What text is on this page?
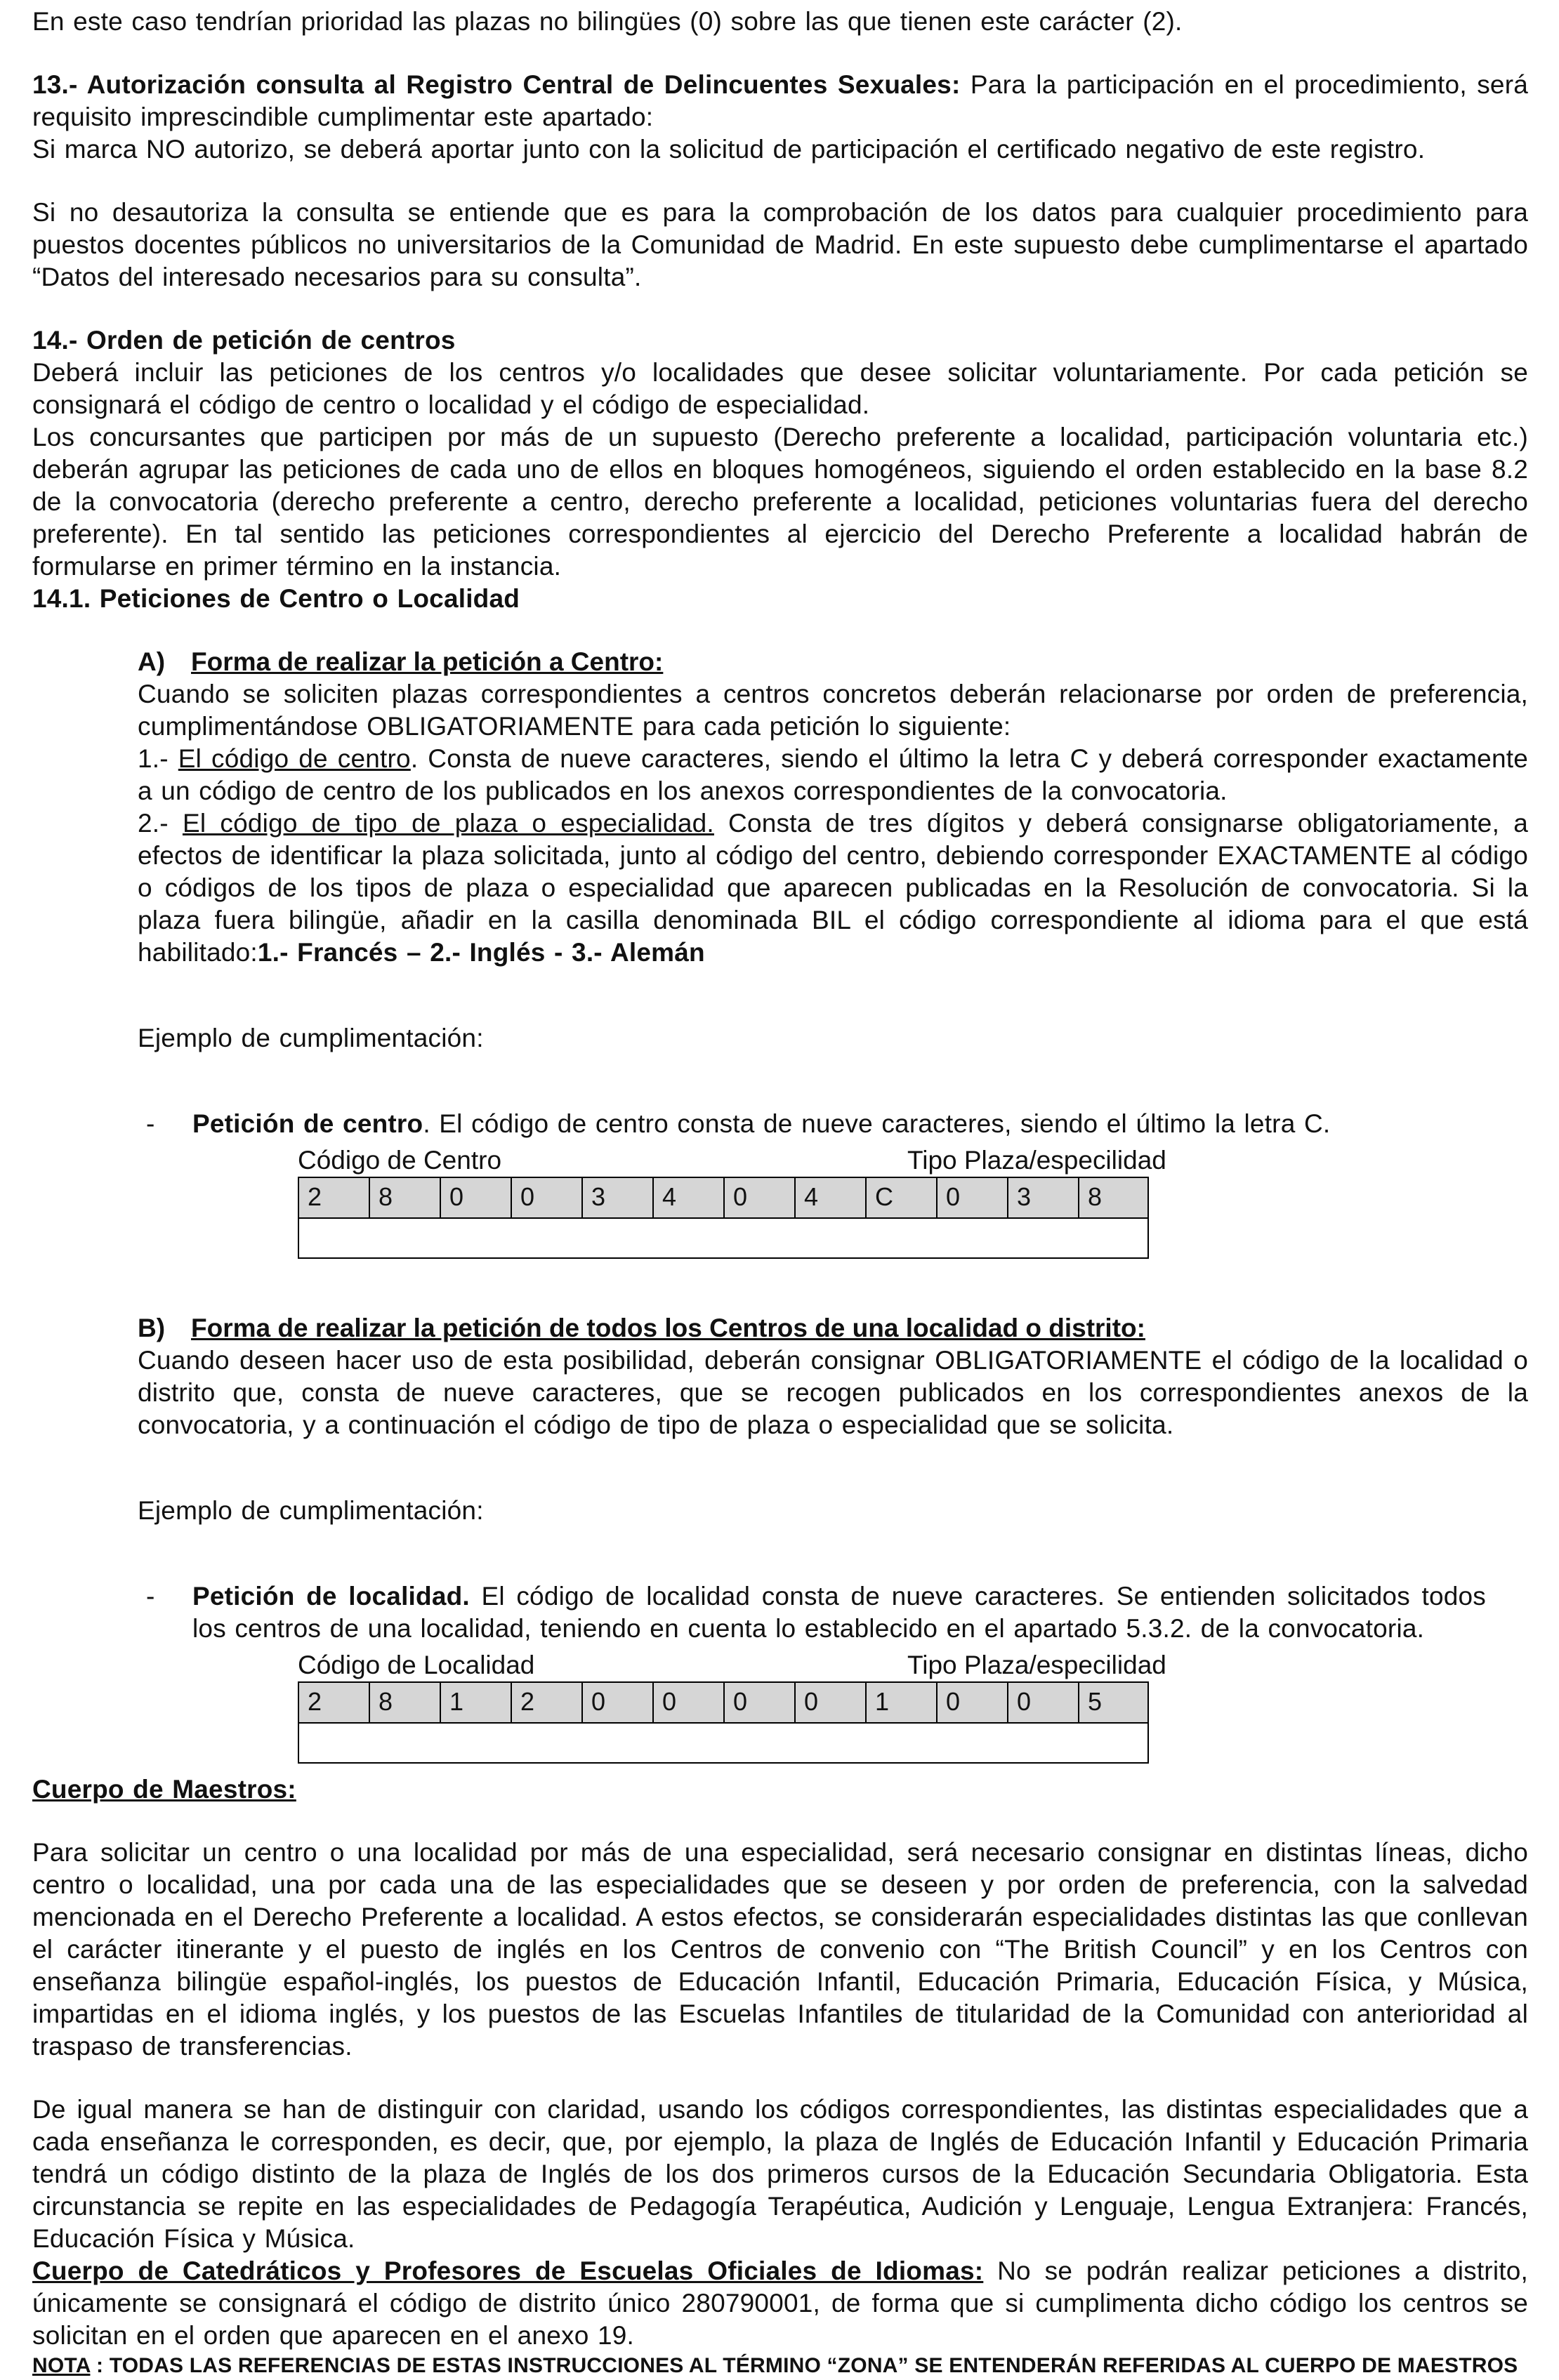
En este caso tendrían prioridad las plazas no bilingües (0) sobre las que tienen este carácter (2).

13.- Autorización consulta al Registro Central de Delincuentes Sexuales: Para la participación en el procedimiento, será requisito imprescindible cumplimentar este apartado:

Si marca NO autorizo, se deberá aportar junto con la solicitud de participación el certificado negativo de este registro.

Si no desautoriza la consulta se entiende que es para la comprobación de los datos para cualquier procedimiento para puestos docentes públicos no universitarios de la Comunidad de Madrid. En este supuesto debe cumplimentarse el apartado “Datos del interesado necesarios para su consulta”.

14.- Orden de petición de centros

Deberá incluir las peticiones de los centros y/o localidades que desee solicitar voluntariamente. Por cada petición se consignará el código de centro o localidad y el código de especialidad.

Los concursantes que participen por más de un supuesto (Derecho preferente a localidad, participación voluntaria etc.) deberán agrupar las peticiones de cada uno de ellos en bloques homogéneos, siguiendo el orden establecido en la base 8.2 de la convocatoria (derecho preferente a centro, derecho preferente a localidad, peticiones voluntarias fuera del derecho preferente). En tal sentido las peticiones correspondientes al ejercicio del Derecho Preferente a localidad habrán de formularse en primer término en la instancia.

14.1. Peticiones de Centro o Localidad

A) Forma de realizar la petición a Centro:

Cuando se soliciten plazas correspondientes a centros concretos deberán relacionarse por orden de preferencia, cumplimentándose OBLIGATORIAMENTE para cada petición lo siguiente:

1.- El código de centro. Consta de nueve caracteres, siendo el último la letra C y deberá corresponder exactamente a un código de centro de los publicados en los anexos correspondientes de la convocatoria.

2.- El código de tipo de plaza o especialidad. Consta de tres dígitos y deberá consignarse obligatoriamente, a efectos de identificar la plaza solicitada, junto al código del centro, debiendo corresponder EXACTAMENTE al código o códigos de los tipos de plaza o especialidad que aparecen publicadas en la Resolución de convocatoria. Si la plaza fuera bilingüe, añadir en la casilla denominada BIL el código correspondiente al idioma para el que está habilitado:1.- Francés – 2.- Inglés - 3.- Alemán

Ejemplo de cumplimentación:

-	Petición de centro. El código de centro consta de nueve caracteres, siendo el último la letra C.

Código de Centro	Tipo Plaza/especilidad
2	8	0	0	3	4	0	4	C	0	3	8

B) Forma de realizar la petición de todos los Centros de una localidad o distrito:

Cuando deseen hacer uso de esta posibilidad, deberán consignar OBLIGATORIAMENTE el código de la localidad o distrito que, consta de nueve caracteres, que se recogen publicados en los correspondientes anexos de la convocatoria, y a continuación el código de tipo de plaza o especialidad que se solicita.

Ejemplo de cumplimentación:

-	Petición de localidad. El código de localidad consta de nueve caracteres. Se entienden solicitados todos los centros de una localidad, teniendo en cuenta lo establecido en el apartado 5.3.2. de la convocatoria.

Código de Localidad	Tipo Plaza/especilidad
2	8	1	2	0	0	0	0	1	0	0	5

Cuerpo de Maestros:

Para solicitar un centro o una localidad por más de una especialidad, será necesario consignar en distintas líneas, dicho centro o localidad, una por cada una de las especialidades que se deseen y por orden de preferencia, con la salvedad mencionada en el Derecho Preferente a localidad. A estos efectos, se considerarán especialidades distintas las que conllevan el carácter itinerante y el puesto de inglés en los Centros de convenio con “The British Council” y en los Centros con enseñanza bilingüe español-inglés, los puestos de Educación Infantil, Educación Primaria, Educación Física, y Música, impartidas en el idioma inglés, y los puestos de las Escuelas Infantiles de titularidad de la Comunidad con anterioridad al traspaso de transferencias.

De igual manera se han de distinguir con claridad, usando los códigos correspondientes, las distintas especialidades que a cada enseñanza le corresponden, es decir, que, por ejemplo, la plaza de Inglés de Educación Infantil y Educación Primaria tendrá un código distinto de la plaza de Inglés de los dos primeros cursos de la Educación Secundaria Obligatoria. Esta circunstancia se repite en las especialidades de Pedagogía Terapéutica, Audición y Lenguaje, Lengua Extranjera: Francés, Educación Física y Música.

Cuerpo de Catedráticos y Profesores de Escuelas Oficiales de Idiomas: No se podrán realizar peticiones a distrito, únicamente se consignará el código de distrito único 280790001, de forma que si cumplimenta dicho código los centros se solicitan en el orden que aparecen en el anexo 19.

NOTA : TODAS LAS REFERENCIAS DE ESTAS INSTRUCCIONES AL TÉRMINO “ZONA” SE ENTENDERÁN REFERIDAS AL CUERPO DE MAESTROS
